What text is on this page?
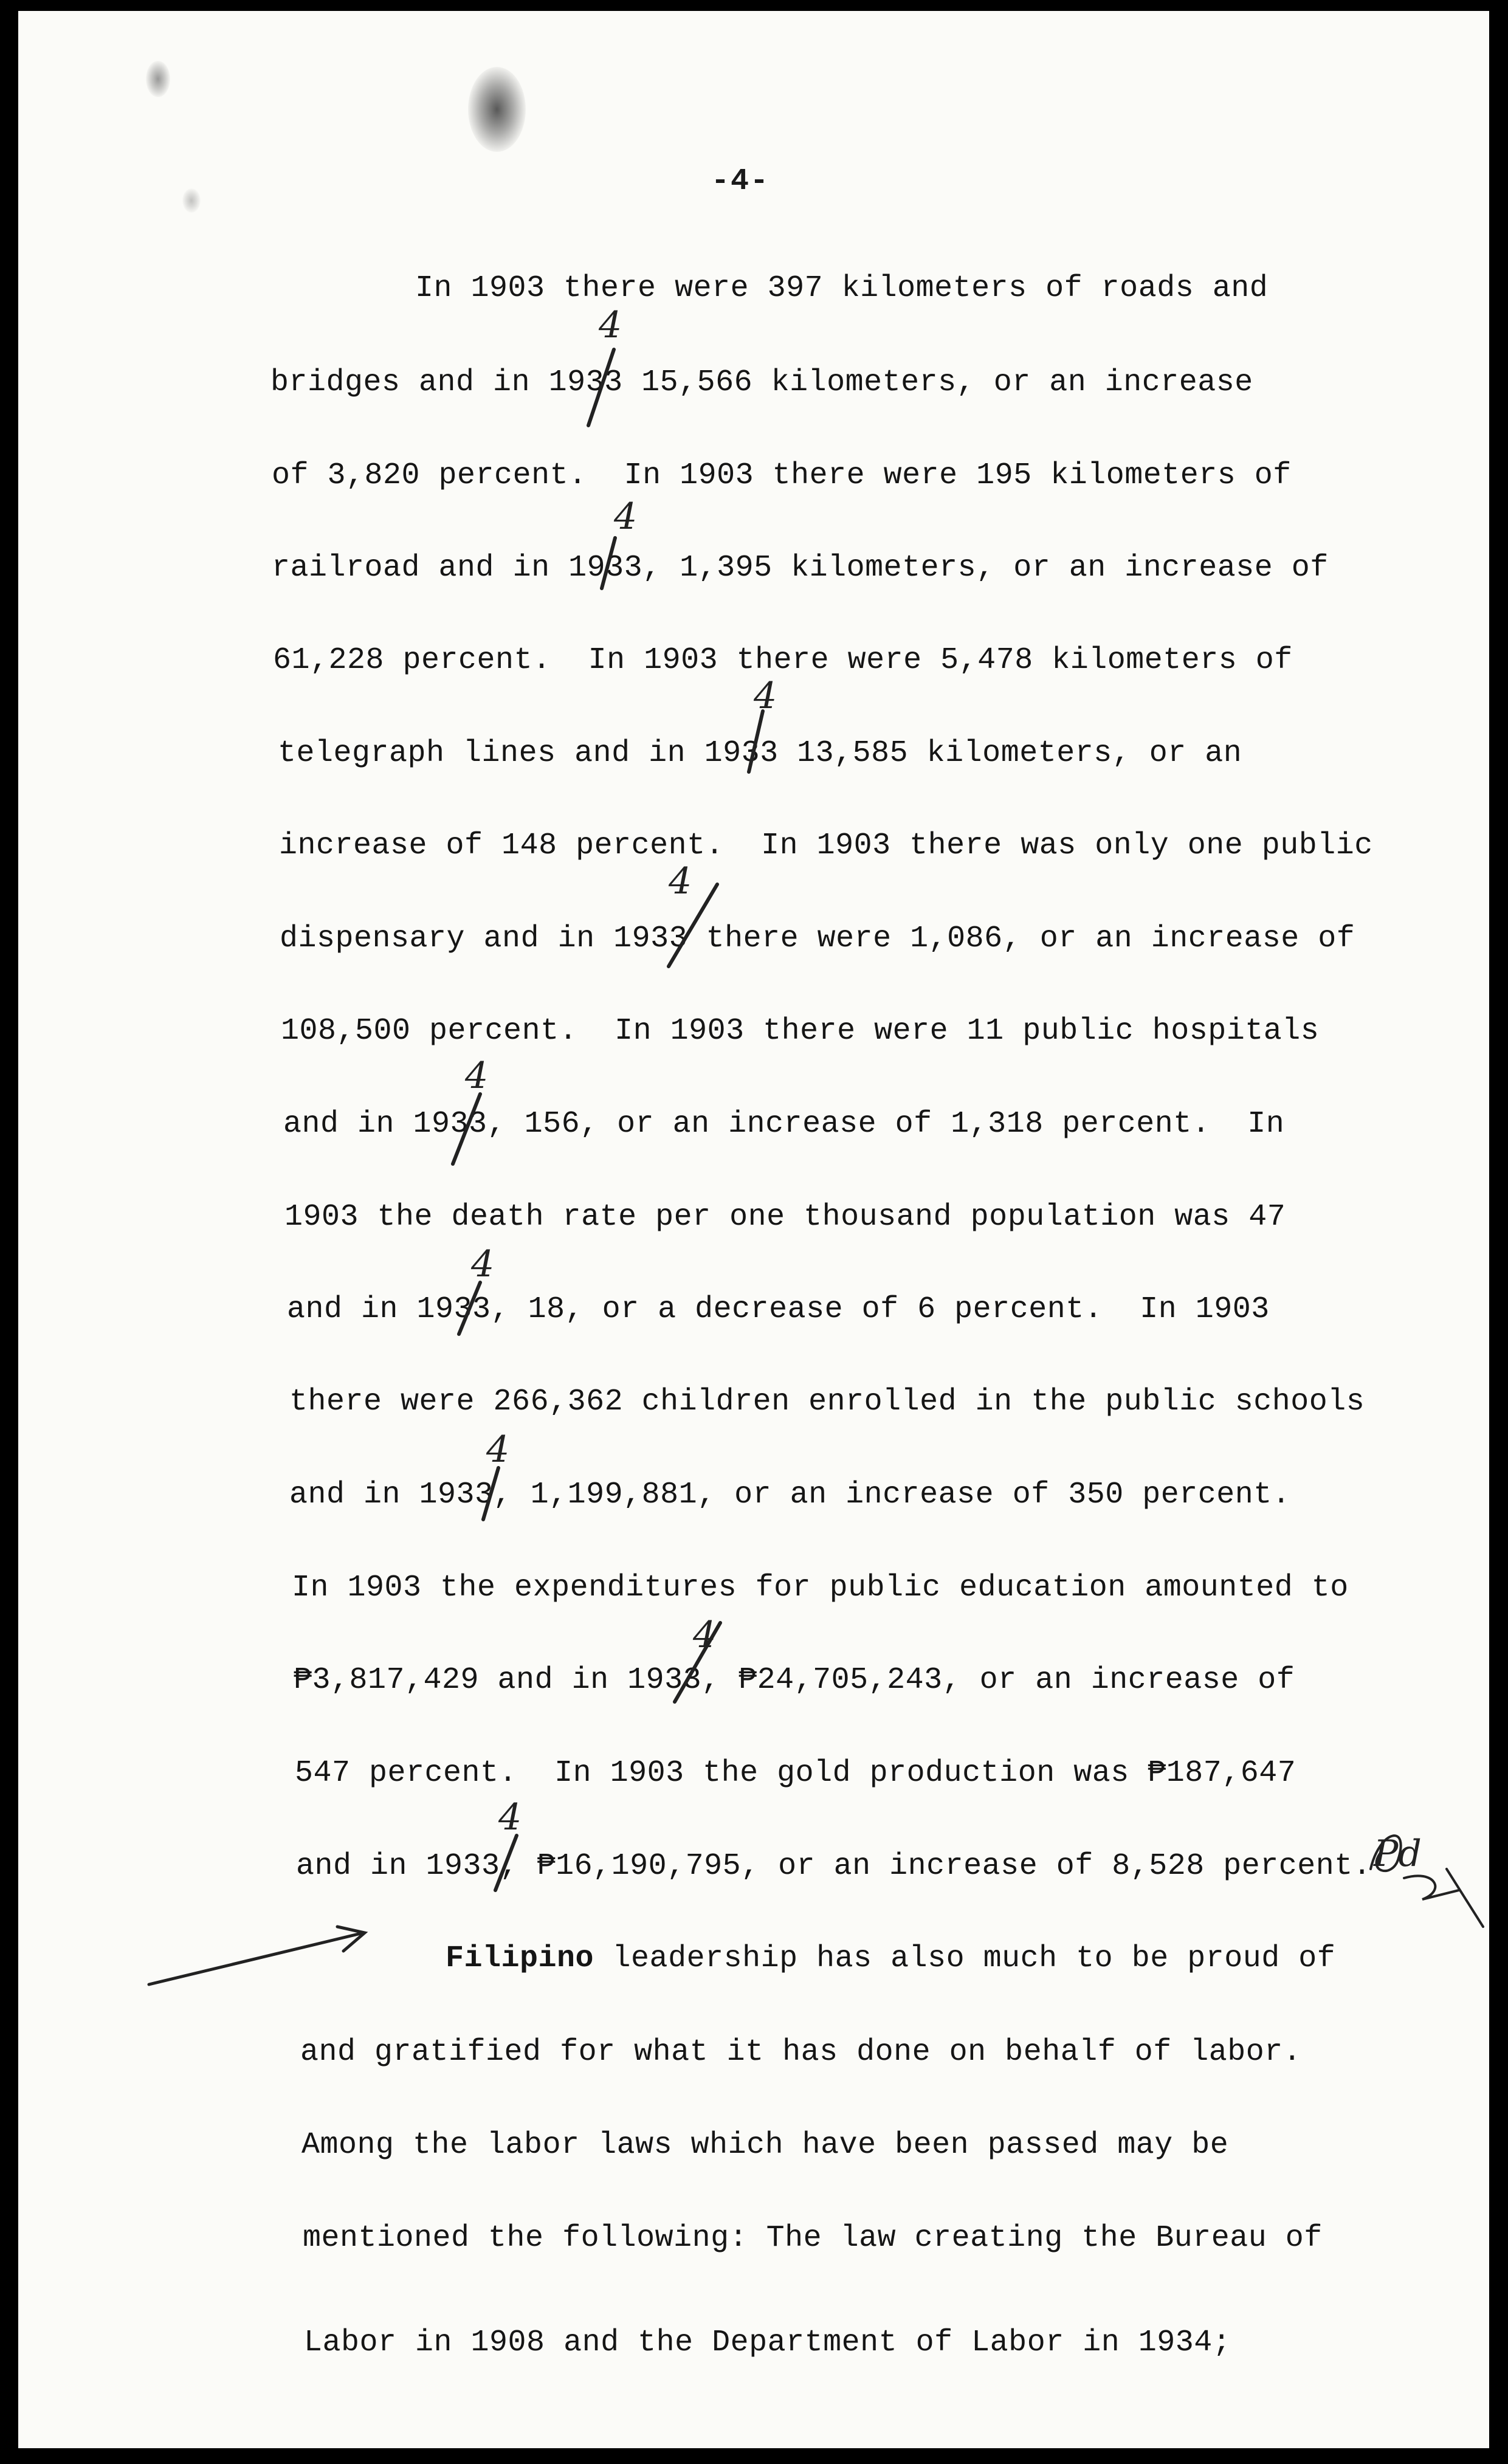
-4-
In 1903 there were 397 kilometers of roads and
bridges and in 1933 15,566 kilometers, or an increase
of 3,820 percent.  In 1903 there were 195 kilometers of
railroad and in 1933, 1,395 kilometers, or an increase of
61,228 percent.  In 1903 there were 5,478 kilometers of
telegraph lines and in 1933 13,585 kilometers, or an
increase of 148 percent.  In 1903 there was only one public
dispensary and in 1933 there were 1,086, or an increase of
108,500 percent.  In 1903 there were 11 public hospitals
and in 1933, 156, or an increase of 1,318 percent.  In
1903 the death rate per one thousand population was 47
and in 1933, 18, or a decrease of 6 percent.  In 1903
there were 266,362 children enrolled in the public schools
and in 1933, 1,199,881, or an increase of 350 percent.
In 1903 the expenditures for public education amounted to
₱3,817,429 and in 1933, ₱24,705,243, or an increase of
547 percent.  In 1903 the gold production was ₱187,647
and in 1933, ₱16,190,795, or an increase of 8,528 percent.
Filipino leadership has also much to be proud of
and gratified for what it has done on behalf of labor.
Among the labor laws which have been passed may be
mentioned the following: The law creating the Bureau of
Labor in 1908 and the Department of Labor in 1934;
4
4
4
4
4
4
4
4
4
Pd
